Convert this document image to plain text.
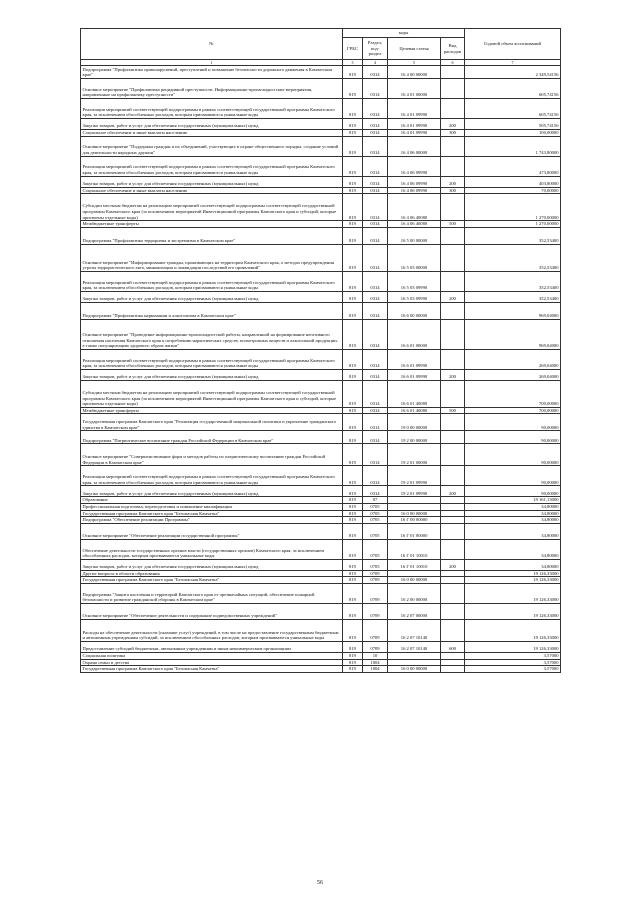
№	коды				Годовой объем ассигнований
	ГРБС	Раздел, под-раздел	Целевая статья	Вид расходов	
1	3	4	5	6	7
Подпрограмма "Профилактика правонарушений, преступлений и повышение безопасности дорожного движения в Камчатском крае"	819	0314	16 4 00 00000		2 349,54156
Основное мероприятие "Профилактика рецидивной преступности. Информационно-пропагандистские мероприятия, направленные на профилактику преступности"	819	0314	16 4 01 00000		605,74156
Реализация мероприятий соответствующей подпрограммы в рамках соответствующей государственной программы Камчатского края, за исключением обособленных расходов, которым присваиваются уникальные коды	819	0314	16 4 01 09990		605,74156
Закупка товаров, работ и услуг для обеспечения государственных (муниципальных) нужд	819	0314	16 4 01 09990	200	505,74156
Социальное обеспечение и иные выплаты населению	819	0314	16 4 01 09990	300	100,00000
Основное мероприятие "Поддержка граждан и их объединений, участвующих в охране общественного порядка, создание условий для деятельности народных дружин"	819	0314	16 4 06 00000		1 743,80000
Реализация мероприятий соответствующей подпрограммы в рамках соответствующей государственной программы Камчатского края, за исключением обособленных расходов, которым присваиваются уникальные коды	819	0314	16 4 06 09990		473,80000
Закупка товаров, работ и услуг для обеспечения государственных (муниципальных) нужд	819	0314	16 4 06 09990	200	403,80000
Социальное обеспечение и иные выплаты населению	819	0314	16 4 06 09990	300	70,00000
Субсидии местным бюджетам на реализацию мероприятий соответствующей подпрограммы соответствующей государственной программы Камчатского края (за исключением мероприятий Инвестиционной программы Камчатского края и субсидий, которые присвоены отдельные коды)	819	0314	16 4 06 40080		1 270,00000
Межбюджетные трансферты	819	0314	16 4 06 40080	500	1 270,00000
Подпрограмма "Профилактика терроризма и экстремизма в Камчатском крае"	819	0314	16 5 00 00000		352,53400
Основное мероприятие "Информирование граждан, проживающих на территории Камчатского края, о методах предупреждения угрозы террористического акта, минимизации и ликвидации последствий его проявлений"	819	0314	16 5 03 00000		352,53400
Реализация мероприятий соответствующей подпрограммы в рамках соответствующей государственной программы Камчатского края, за исключением обособленных расходов, которым присваиваются уникальные коды	819	0314	16 5 03 09990		352,53400
Закупка товаров, работ и услуг для обеспечения государственных (муниципальных) нужд	819	0314	16 5 03 09990	200	352,53400
Подпрограмма "Профилактика наркомании и алкоголизма в Камчатском крае"	819	0314	16 6 00 00000		969,04000
Основное мероприятие "Проведение информационно-пропагандистской работы, направленной на формирование негативного отношения населения Камчатского края к потреблению наркотических средств, психотропных веществ и алкогольной продукции, а также популяризацию здорового образа жизни"	819	0314	16 6 01 00000		969,04000
Реализация мероприятий соответствующей подпрограммы в рамках соответствующей государственной программы Камчатского края, за исключением обособленных расходов, которым присваиваются уникальные коды	819	0314	16 6 01 09990		269,04000
Закупка товаров, работ и услуг для обеспечения государственных (муниципальных) нужд	819	0314	16 6 01 09990	200	269,04000
Субсидии местным бюджетам на реализацию мероприятий соответствующей подпрограммы соответствующей государственной программы Камчатского края (за исключением мероприятий Инвестиционной программы Камчатского края и субсидий, которые присвоены отдельные коды)	819	0314	16 6 01 40080		700,00000
Межбюджетные трансферты	819	0314	16 6 01 40080	500	700,00000
Государственная программа Камчатского края "Реализация государственной национальной политики и укрепление гражданского единства в Камчатском крае"	819	0314	19 0 00 00000		90,00000
Подпрограмма "Патриотическое воспитание граждан Российской Федерации в Камчатском крае"	819	0314	19 2 00 00000		90,00000
Основное мероприятие "Совершенствование форм и методов работы по патриотическому воспитанию граждан Российской Федерации в Камчатском крае"	819	0314	19 2 01 00000		90,00000
Реализация мероприятий соответствующей подпрограммы в рамках соответствующей государственной программы Камчатского края, за исключением обособленных расходов, которым присваиваются уникальные коды	819	0314	19 2 01 09990		90,00000
Закупка товаров, работ и услуг для обеспечения государственных (муниципальных) нужд	819	0314	19 2 01 09990	200	90,00000
Образование	819	07			19 161,13000
Профессиональная подготовка, переподготовка и повышение квалификации	819	0705			34,80000
Государственная программа Камчатского края "Безопасная Камчатка"	819	0705	16 0 00 00000		34,80000
Подпрограмма "Обеспечение реализации Программы"	819	0705	16 Г 00 00000		34,80000
Основное мероприятие "Обеспечение реализации государственной программы"	819	0705	16 Г 01 00000		34,80000
Обеспечение деятельности государственных органов власти (государственных органов) Камчатского края, за исключением обособленных расходов, которым присваиваются уникальные коды	819	0705	16 Г 01 10010		34,80000
Закупка товаров, работ и услуг для обеспечения государственных (муниципальных) нужд	819	0705	16 Г 01 10010	200	34,80000
Другие вопросы в области образования	819	0709			19 126,33000
Государственная программа Камчатского края "Безопасная Камчатка"	819	0709	16 0 00 00000		19 126,33000
Подпрограмма "Защита населения и территорий Камчатского края от чрезвычайных ситуаций, обеспечение пожарной безопасности и развитие гражданской обороны в Камчатском крае"	819	0709	16 2 00 00000		19 126,33000
Основное мероприятие "Обеспечение деятельности и содержание подведомственных учреждений"	819	0709	16 2 07 00000		19 126,33000
Расходы на обеспечение деятельности (оказание услуг) учреждений, в том числе на предоставление государственным бюджетным и автономным учреждениям субсидий, за исключением обособленных расходов, которым присваиваются уникальные коды	819	0709	16 2 07 10140		19 126,33000
Предоставление субсидий бюджетным, автономным учреждениям и иным некоммерческим организациям	819	0709	16 2 07 10140	600	19 126,33000
Социальная политика	819	10			3,57000
Охрана семьи и детства	819	1004			3,57000
Государственная программа Камчатского края "Безопасная Камчатка"	819	1004	16 0 00 00000		3,57000
56
